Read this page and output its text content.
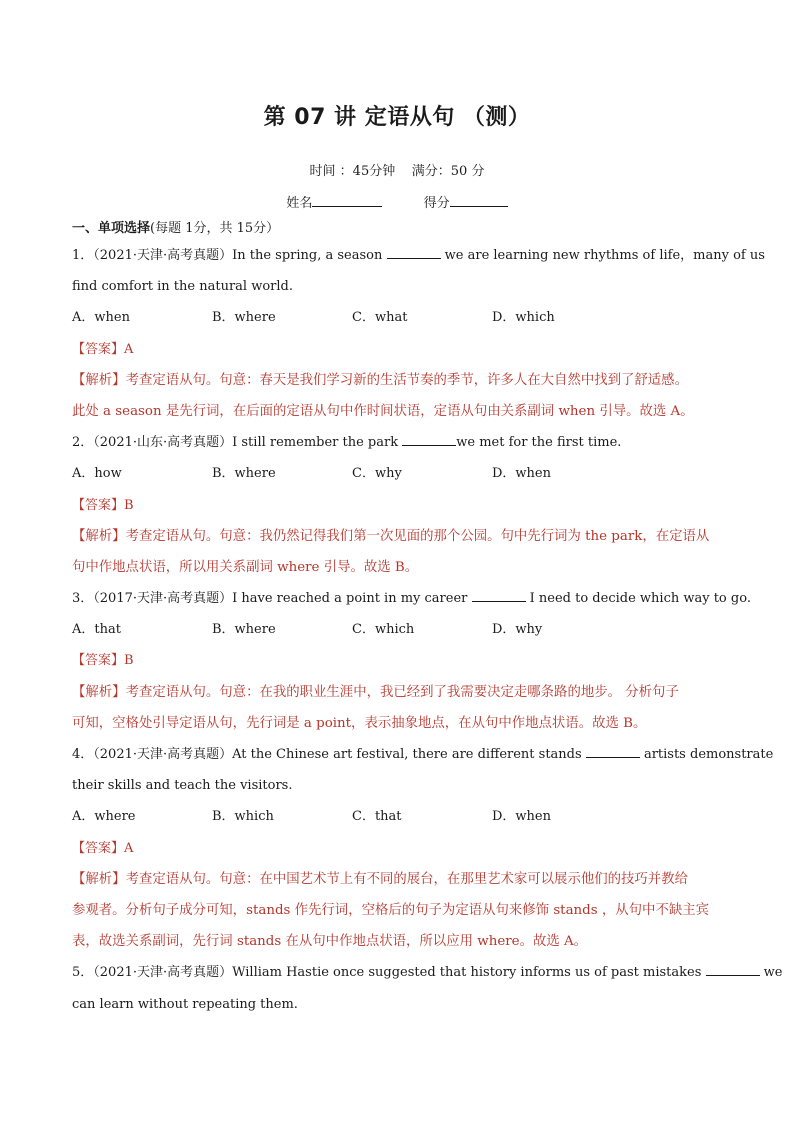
第 07 讲 定语从句 （测）
时间 ：45分钟 满分：50 分
姓名	得分
一、单项选择(每题 1分，共 15分）
1．（2021·天津·高考真题）In the spring, a season	we are learning new rhythms of life，many of us
find comfort in the natural world.
A．when	B．where	C．what	D．which
【答案】A
【解析】考查定语从句。句意：春天是我们学习新的生活节奏的季节，许多人在大自然中找到了舒适感。
此处 a season 是先行词，在后面的定语从句中作时间状语，定语从句由关系副词 when 引导。故选 A。
2．（2021·山东·高考真题）I still remember the park	we met for the first time.
A．how	B．where	C．why	D．when
【答案】B
【解析】考查定语从句。句意：我仍然记得我们第一次见面的那个公园。句中先行词为 the park，在定语从
句中作地点状语，所以用关系副词 where 引导。故选 B。
3．（2017·天津·高考真题）I have reached a point in my career	I need to decide which way to go.
A．that	B．where	C．which	D．why
【答案】B
【解析】考查定语从句。句意：在我的职业生涯中，我已经到了我需要决定走哪条路的地步。 分析句子
可知，空格处引导定语从句，先行词是 a point，表示抽象地点，在从句中作地点状语。故选 B。
4．（2021·天津·高考真题）At the Chinese art festival, there are different stands	artists demonstrate
their skills and teach the visitors.
A．where	B．which	C．that	D．when
【答案】A
【解析】考查定语从句。句意：在中国艺术节上有不同的展台，在那里艺术家可以展示他们的技巧并教给
参观者。分析句子成分可知，stands 作先行词，空格后的句子为定语从句来修饰 stands ，从句中不缺主宾
表，故选关系副词，先行词 stands 在从句中作地点状语，所以应用 where。故选 A。
5．（2021·天津·高考真题）William Hastie once suggested that history informs us of past mistakes	we
can learn without repeating them.
